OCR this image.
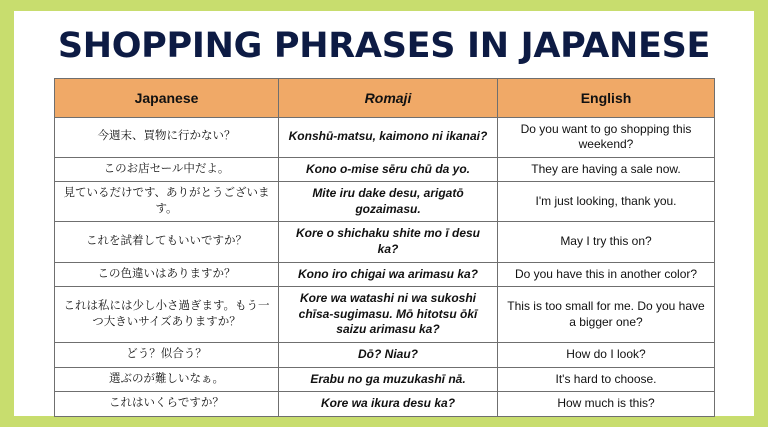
SHOPPING PHRASES IN JAPANESE
Japanese	Romaji	English
今週末、買物に行かない？	Konshū-matsu, kaimono ni ikanai?	Do you want to go shopping this weekend?
このお店セール中だよ。	Kono o-mise sēru chū da yo.	They are having a sale now.
見ているだけです、ありがとうございます。	Mite iru dake desu, arigatō gozaimasu.	I'm just looking, thank you.
これを試着してもいいですか？	Kore o shichaku shite mo ī desu ka?	May I try this on?
この色違いはありますか？	Kono iro chigai wa arimasu ka?	Do you have this in another color?
これは私には少し小さ過ぎます。もう一つ大きいサイズありますか？	Kore wa watashi ni wa sukoshi chīsa-sugimasu. Mō hitotsu ōkī saizu arimasu ka?	This is too small for me. Do you have a bigger one?
どう？似合う？	Dō? Niau?	How do I look?
選ぶのが難しいなぁ。	Erabu no ga muzukashī nā.	It's hard to choose.
これはいくらですか？	Kore wa ikura desu ka?	How much is this?
